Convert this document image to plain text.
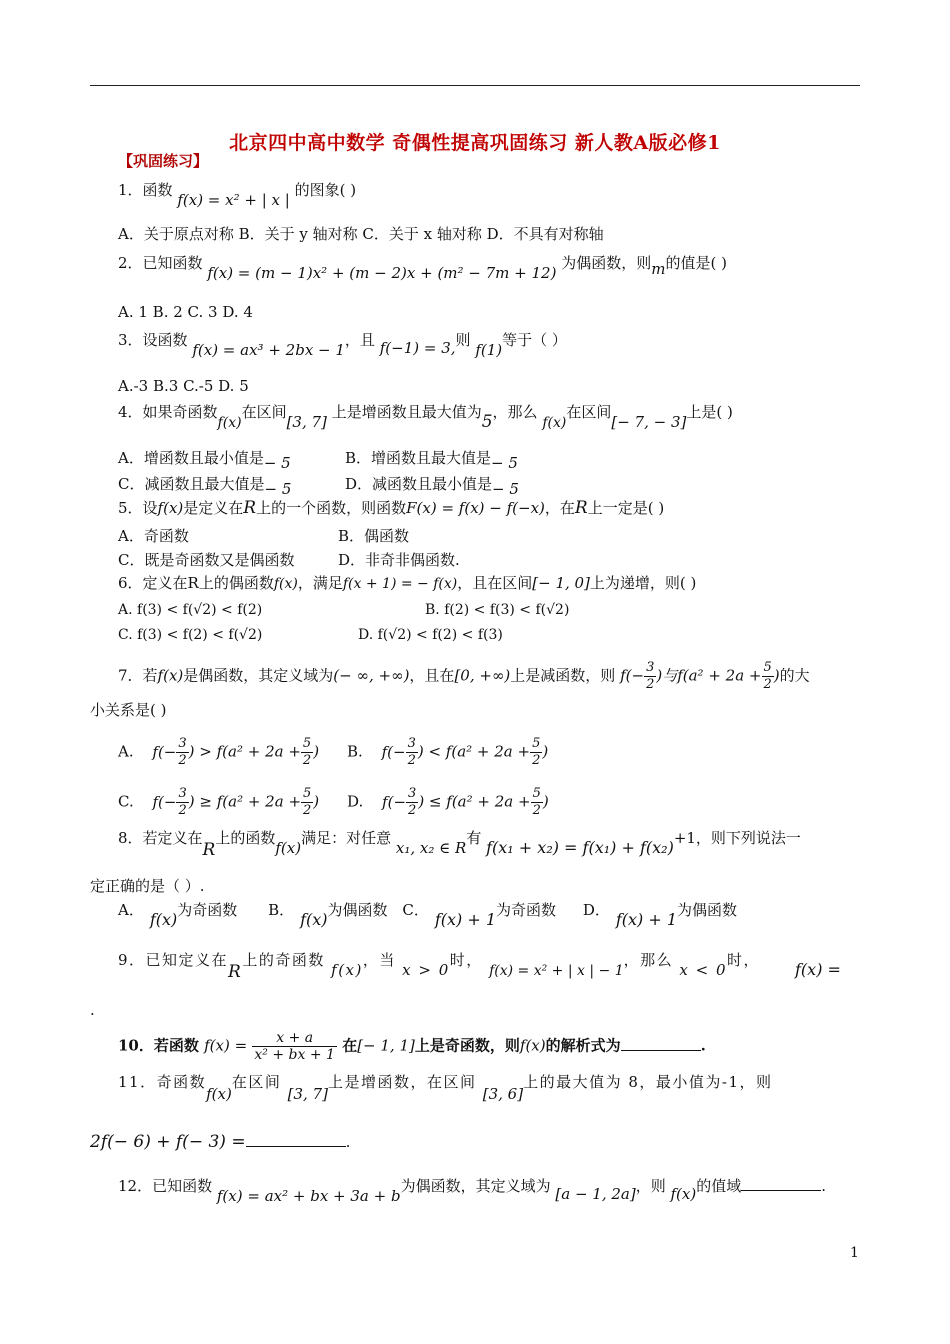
北京四中高中数学 奇偶性提高巩固练习 新人教A版必修1
【巩固练习】
1．函数 f(x) = x² + | x | 的图象( )
A．关于原点对称 B．关于 y 轴对称 C．关于 x 轴对称 D．不具有对称轴
2．已知函数 f(x) = (m − 1)x² + (m − 2)x + (m² − 7m + 12) 为偶函数，则m的值是( )
A. 1 B. 2 C. 3 D. 4
3．设函数 f(x) = ax³ + 2bx − 1，且 f(−1) = 3,则 f(1)等于（ ）
A.-3 B.3 C.-5 D. 5
4．如果奇函数f(x)在区间[3, 7] 上是增函数且最大值为5，那么 f(x)在区间[− 7, − 3]上是( )
A．增函数且最小值是− 5	B．增函数且最大值是− 5
C．减函数且最大值是− 5	D．减函数且最小值是− 5
5．设f(x)是定义在R上的一个函数，则函数F(x) = f(x) − f(−x)，在R上一定是( )
A．奇函数	B．偶函数
C．既是奇函数又是偶函数	D．非奇非偶函数.
6．定义在R上的偶函数f(x)，满足f(x + 1) = − f(x)，且在区间[− 1, 0]上为递增，则( )
A. f(3) < f(√2) < f(2)	B. f(2) < f(3) < f(√2)
C. f(3) < f(2) < f(√2)	D. f(√2) < f(2) < f(3)
7．若f(x)是偶函数，其定义域为(− ∞, +∞)，且在[0, +∞)上是减函数，则 $f(- \frac{3}{2}$ )与$f(a^2 + 2a + \frac{5}{2}$ )的大
小关系是( )
A. $f(- \frac{3}{2}$ ) > $f(a^2 + 2a + \frac{5}{2}$ ) B. $f(- \frac{3}{2}$ ) < $f(a^2 + 2a + \frac{5}{2}$ )
C. $f(- \frac{3}{2}$ ) ≥ $f(a^2 + 2a + \frac{5}{2}$ ) D. $f(- \frac{3}{2}$ ) ≤ $f(a^2 + 2a + \frac{5}{2}$ )
8．若定义在R上的函数f(x)满足：对任意 x₁, x₂ ∈ R有 f(x₁ + x₂) = f(x₁) + f(x₂)+1，则下列说法一
定正确的是（ ）.
A． f(x)为奇函数 B． f(x)为偶函数 C． f(x) + 1为奇函数 D． f(x) + 1为偶函数
9．已知定义在R上的奇函数 f(x)，当 x > 0时， f(x) = x² + | x | − 1，那么 x < 0时， f(x) =
.
10．若函数 $f(x) = \frac{x + a}{\text{x² + bx + 1}}$ 在[− 1, 1]上是奇函数，则f(x)的解析式为	.
11．奇函数f(x)在区间 [3, 7]上是增函数，在区间 [3, 6]上的最大值为 8，最小值为-1，则
2f(− 6) + f(− 3) =	.
12．已知函数 f(x) = ax² + bx + 3a + b为偶函数，其定义域为 [a − 1, 2a]，则 f(x)的值域	.
1
